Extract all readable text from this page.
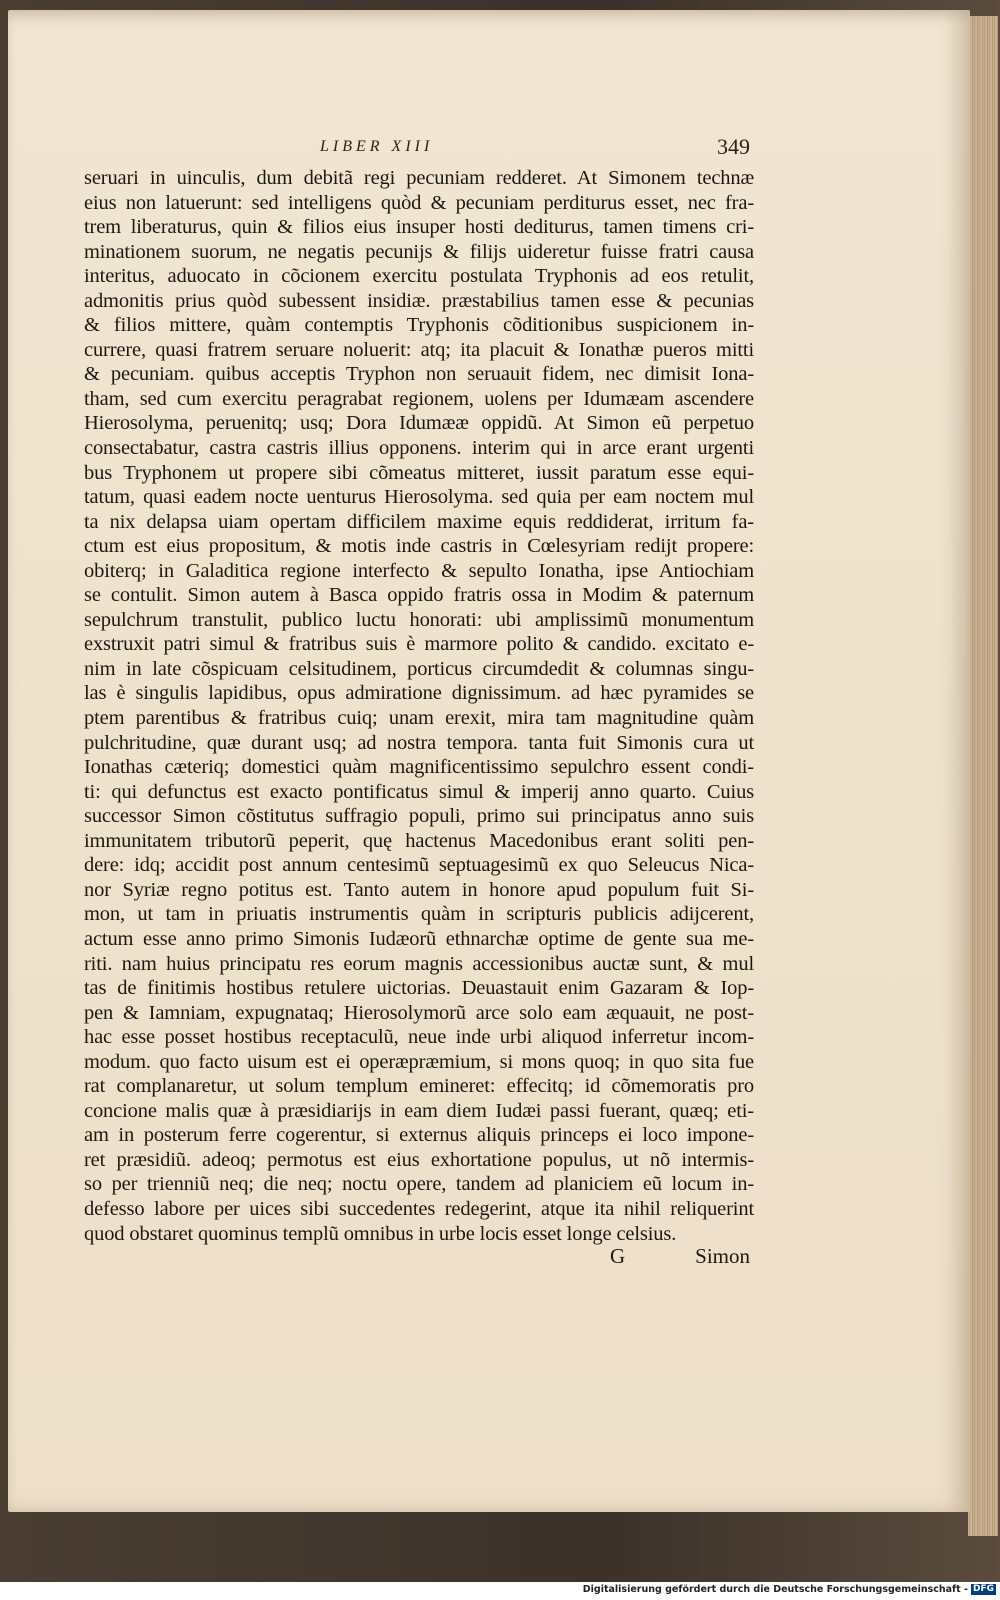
LIBER XIII	349
seruari in uinculis, dum debitã regi pecuniam redderet. At Simonem technæ
eius non latuerunt: sed intelligens quòd & pecuniam perditurus esset, nec fra-
trem liberaturus, quin & filios eius insuper hosti dediturus, tamen timens cri-
minationem suorum, ne negatis pecunijs & filijs uideretur fuisse fratri causa
interitus, aduocato in cõcionem exercitu postulata Tryphonis ad eos retulit,
admonitis prius quòd subessent insidiæ. præstabilius tamen esse & pecunias
& filios mittere, quàm contemptis Tryphonis cõditionibus suspicionem in-
currere, quasi fratrem seruare noluerit: atq; ita placuit & Ionathæ pueros mitti
& pecuniam. quibus acceptis Tryphon non seruauit fidem, nec dimisit Iona-
tham, sed cum exercitu peragrabat regionem, uolens per Idumæam ascendere
Hierosolyma, peruenitq; usq; Dora Idumææ oppidũ. At Simon eũ perpetuo
consectabatur, castra castris illius opponens. interim qui in arce erant urgenti
bus Tryphonem ut propere sibi cõmeatus mitteret, iussit paratum esse equi-
tatum, quasi eadem nocte uenturus Hierosolyma. sed quia per eam noctem mul
ta nix delapsa uiam opertam difficilem maxime equis reddiderat, irritum fa-
ctum est eius propositum, & motis inde castris in Cœlesyriam redijt propere:
obiterq; in Galaditica regione interfecto & sepulto Ionatha, ipse Antiochiam
se contulit. Simon autem à Basca oppido fratris ossa in Modim & paternum
sepulchrum transtulit, publico luctu honorati: ubi amplissimũ monumentum
exstruxit patri simul & fratribus suis è marmore polito & candido. excitato e-
nim in late cõspicuam celsitudinem, porticus circumdedit & columnas singu-
las è singulis lapidibus, opus admiratione dignissimum. ad hæc pyramides se
ptem parentibus & fratribus cuiq; unam erexit, mira tam magnitudine quàm
pulchritudine, quæ durant usq; ad nostra tempora. tanta fuit Simonis cura ut
Ionathas cæteriq; domestici quàm magnificentissimo sepulchro essent condi-
ti: qui defunctus est exacto pontificatus simul & imperij anno quarto. Cuius
successor Simon cõstitutus suffragio populi, primo sui principatus anno suis
immunitatem tributorũ peperit, quę hactenus Macedonibus erant soliti pen-
dere: idq; accidit post annum centesimũ septuagesimũ ex quo Seleucus Nica-
nor Syriæ regno potitus est. Tanto autem in honore apud populum fuit Si-
mon, ut tam in priuatis instrumentis quàm in scripturis publicis adijcerent,
actum esse anno primo Simonis Iudæorũ ethnarchæ optime de gente sua me-
riti. nam huius principatu res eorum magnis accessionibus auctæ sunt, & mul
tas de finitimis hostibus retulere uictorias. Deuastauit enim Gazaram & Iop-
pen & Iamniam, expugnataq; Hierosolymorũ arce solo eam æquauit, ne post-
hac esse posset hostibus receptaculũ, neue inde urbi aliquod inferretur incom-
modum. quo facto uisum est ei operæpræmium, si mons quoq; in quo sita fue
rat complanaretur, ut solum templum emineret: effecitq; id cõmemoratis pro
concione malis quæ à præsidiarijs in eam diem Iudæi passi fuerant, quæq; eti-
am in posterum ferre cogerentur, si externus aliquis princeps ei loco impone-
ret præsidiũ. adeoq; permotus est eius exhortatione populus, ut nõ intermis-
so per trienniũ neq; die neq; noctu opere, tandem ad planiciem eũ locum in-
defesso labore per uices sibi succedentes redegerint, atque ita nihil reliquerint
quod obstaret quominus templũ omnibus in urbe locis esset longe celsius.
G	Simon
Digitalisierung gefördert durch die Deutsche Forschungsgemeinschaft - DFG
